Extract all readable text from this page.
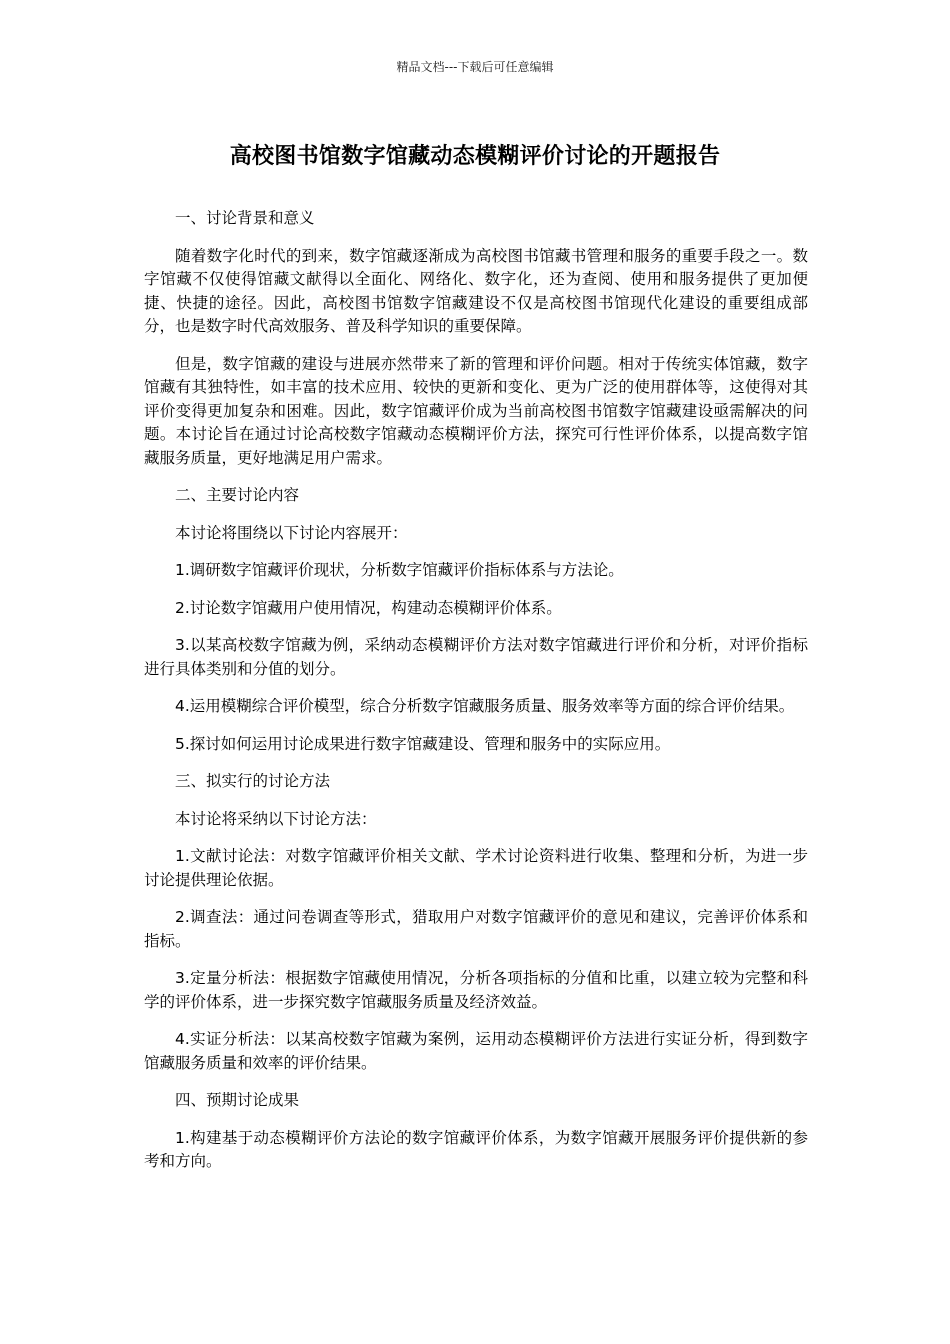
精品文档---下载后可任意编辑
高校图书馆数字馆藏动态模糊评价讨论的开题报告

一、讨论背景和意义

随着数字化时代的到来，数字馆藏逐渐成为高校图书馆藏书管理和服务的重要手段之一。数字馆藏不仅使得馆藏文献得以全面化、网络化、数字化，还为查阅、使用和服务提供了更加便捷、快捷的途径。因此，高校图书馆数字馆藏建设不仅是高校图书馆现代化建设的重要组成部分，也是数字时代高效服务、普及科学知识的重要保障。

但是，数字馆藏的建设与进展亦然带来了新的管理和评价问题。相对于传统实体馆藏，数字馆藏有其独特性，如丰富的技术应用、较快的更新和变化、更为广泛的使用群体等，这使得对其评价变得更加复杂和困难。因此，数字馆藏评价成为当前高校图书馆数字馆藏建设亟需解决的问题。本讨论旨在通过讨论高校数字馆藏动态模糊评价方法，探究可行性评价体系，以提高数字馆藏服务质量，更好地满足用户需求。

二、主要讨论内容

本讨论将围绕以下讨论内容展开：

1.调研数字馆藏评价现状，分析数字馆藏评价指标体系与方法论。

2.讨论数字馆藏用户使用情况，构建动态模糊评价体系。

3.以某高校数字馆藏为例，采纳动态模糊评价方法对数字馆藏进行评价和分析，对评价指标进行具体类别和分值的划分。

4.运用模糊综合评价模型，综合分析数字馆藏服务质量、服务效率等方面的综合评价结果。

5.探讨如何运用讨论成果进行数字馆藏建设、管理和服务中的实际应用。

三、拟实行的讨论方法

本讨论将采纳以下讨论方法：

1.文献讨论法：对数字馆藏评价相关文献、学术讨论资料进行收集、整理和分析，为进一步讨论提供理论依据。

2.调查法：通过问卷调查等形式，猎取用户对数字馆藏评价的意见和建议，完善评价体系和指标。

3.定量分析法：根据数字馆藏使用情况，分析各项指标的分值和比重，以建立较为完整和科学的评价体系，进一步探究数字馆藏服务质量及经济效益。

4.实证分析法：以某高校数字馆藏为案例，运用动态模糊评价方法进行实证分析，得到数字馆藏服务质量和效率的评价结果。

四、预期讨论成果

1.构建基于动态模糊评价方法论的数字馆藏评价体系，为数字馆藏开展服务评价提供新的参考和方向。
